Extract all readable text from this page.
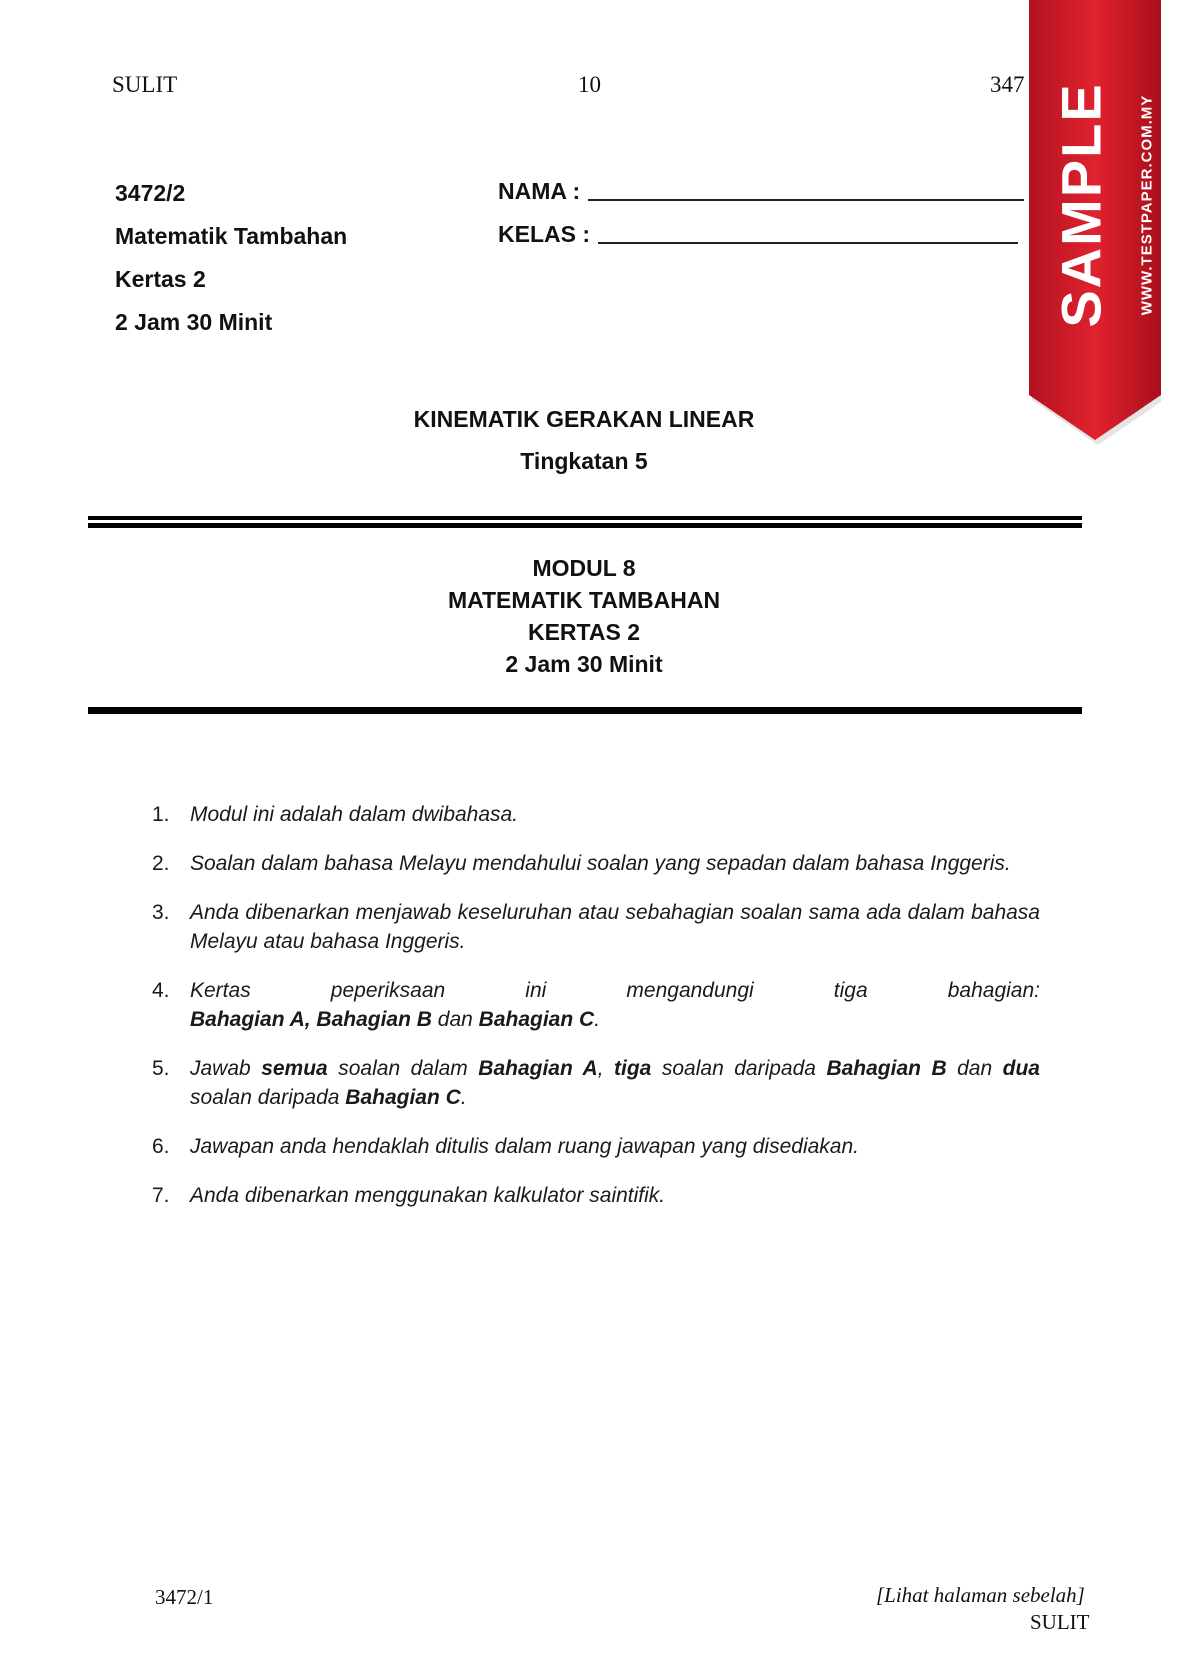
SULIT	10	347
3472/2
Matematik Tambahan
Kertas 2
2 Jam 30 Minit
NAMA :
KELAS :
KINEMATIK GERAKAN LINEAR
Tingkatan 5
MODUL 8
MATEMATIK TAMBAHAN
KERTAS 2
2 Jam 30 Minit
1. Modul ini adalah dalam dwibahasa.
2. Soalan dalam bahasa Melayu mendahului soalan yang sepadan dalam bahasa Inggeris.
3. Anda dibenarkan menjawab keseluruhan atau sebahagian soalan sama ada dalam bahasa Melayu atau bahasa Inggeris.
4. Kertas peperiksaan ini mengandungi tiga bahagian:
Bahagian A, Bahagian B dan Bahagian C.
5. Jawab semua soalan dalam Bahagian A, tiga soalan daripada Bahagian B dan dua soalan daripada Bahagian C.
6. Jawapan anda hendaklah ditulis dalam ruang jawapan yang disediakan.
7. Anda dibenarkan menggunakan kalkulator saintifik.
3472/1	[Lihat halaman sebelah]
SULIT
SAMPLE WWW.TESTPAPER.COM.MY
